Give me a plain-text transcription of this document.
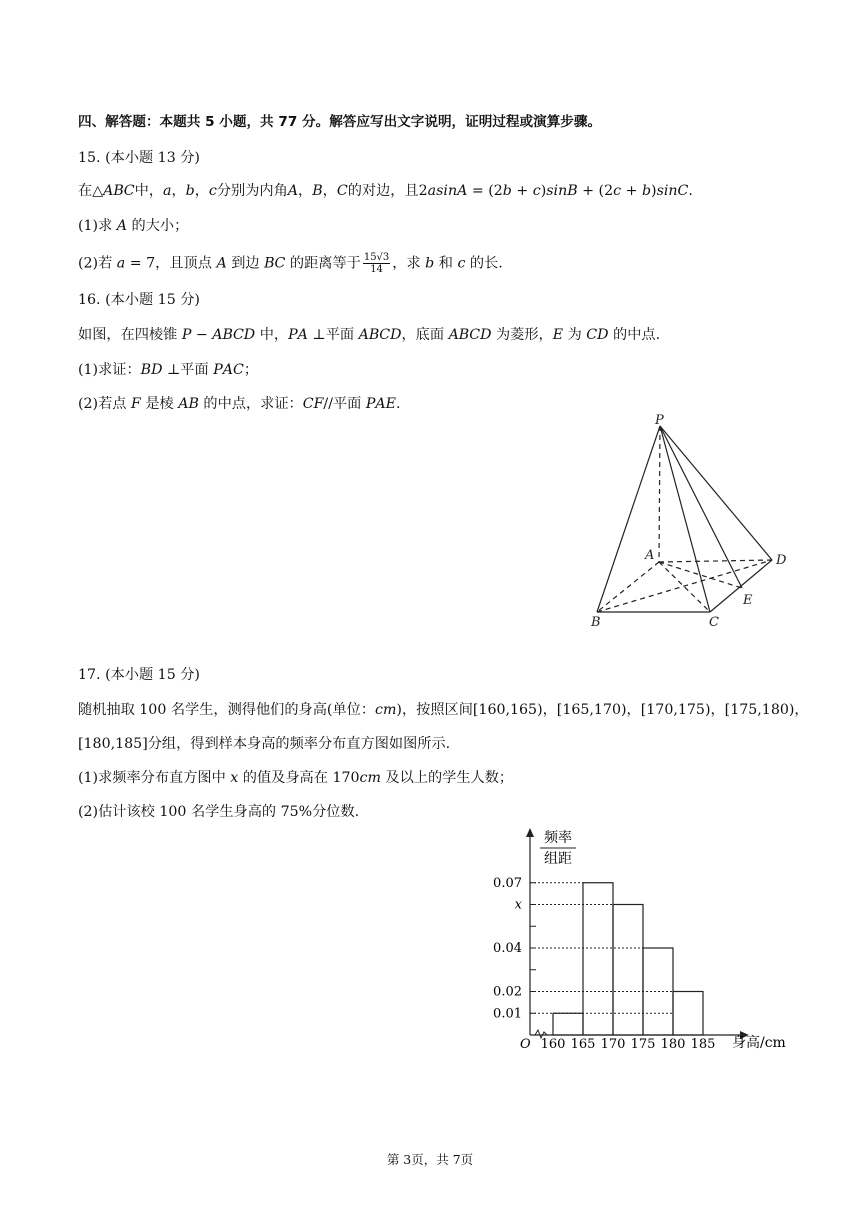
四、解答题：本题共 5 小题，共 77 分。解答应写出文字说明，证明过程或演算步骤。
15. (本小题 13 分)
在△𝐴𝐵𝐶中，𝑎，𝑏，𝑐分别为内角𝐴，𝐵，𝐶的对边，且2𝑎𝑠𝑖𝑛𝐴 = (2𝑏 + 𝑐)𝑠𝑖𝑛𝐵 + (2𝑐 + 𝑏)𝑠𝑖𝑛𝐶.
(1)求 𝐴 的大小；
(2)若 𝑎 = 7，且顶点 𝐴 到边 𝐵𝐶 的距离等于 $\frac{15√3}{14}$ ，求 𝑏 和 𝑐 的长.
16. (本小题 15 分)
如图，在四棱锥 𝑃 − 𝐴𝐵𝐶𝐷 中，𝑃𝐴 ⊥平面 𝐴𝐵𝐶𝐷，底面 𝐴𝐵𝐶𝐷 为菱形，𝐸 为 𝐶𝐷 的中点.
(1)求证：𝐵𝐷 ⊥平面 𝑃𝐴𝐶；
(2)若点 𝐹 是棱 𝐴𝐵 的中点，求证：𝐶𝐹//平面 𝑃𝐴𝐸.
P
A
B	C
D
E
17. (本小题 15 分)
随机抽取 100 名学生，测得他们的身高(单位：𝑐𝑚)，按照区间[160,165)，[165,170)，[170,175)，[175,180)，
[180,185]分组，得到样本身高的频率分布直方图如图所示.
(1)求频率分布直方图中 𝑥 的值及身高在 170𝑐𝑚 及以上的学生人数；
(2)估计该校 100 名学生身高的 75%分位数.
频率
组距
身高/cm
O
0.07
x
0.04
0.02
0.01
160 165 170 175 180 185
第 3页，共 7页
